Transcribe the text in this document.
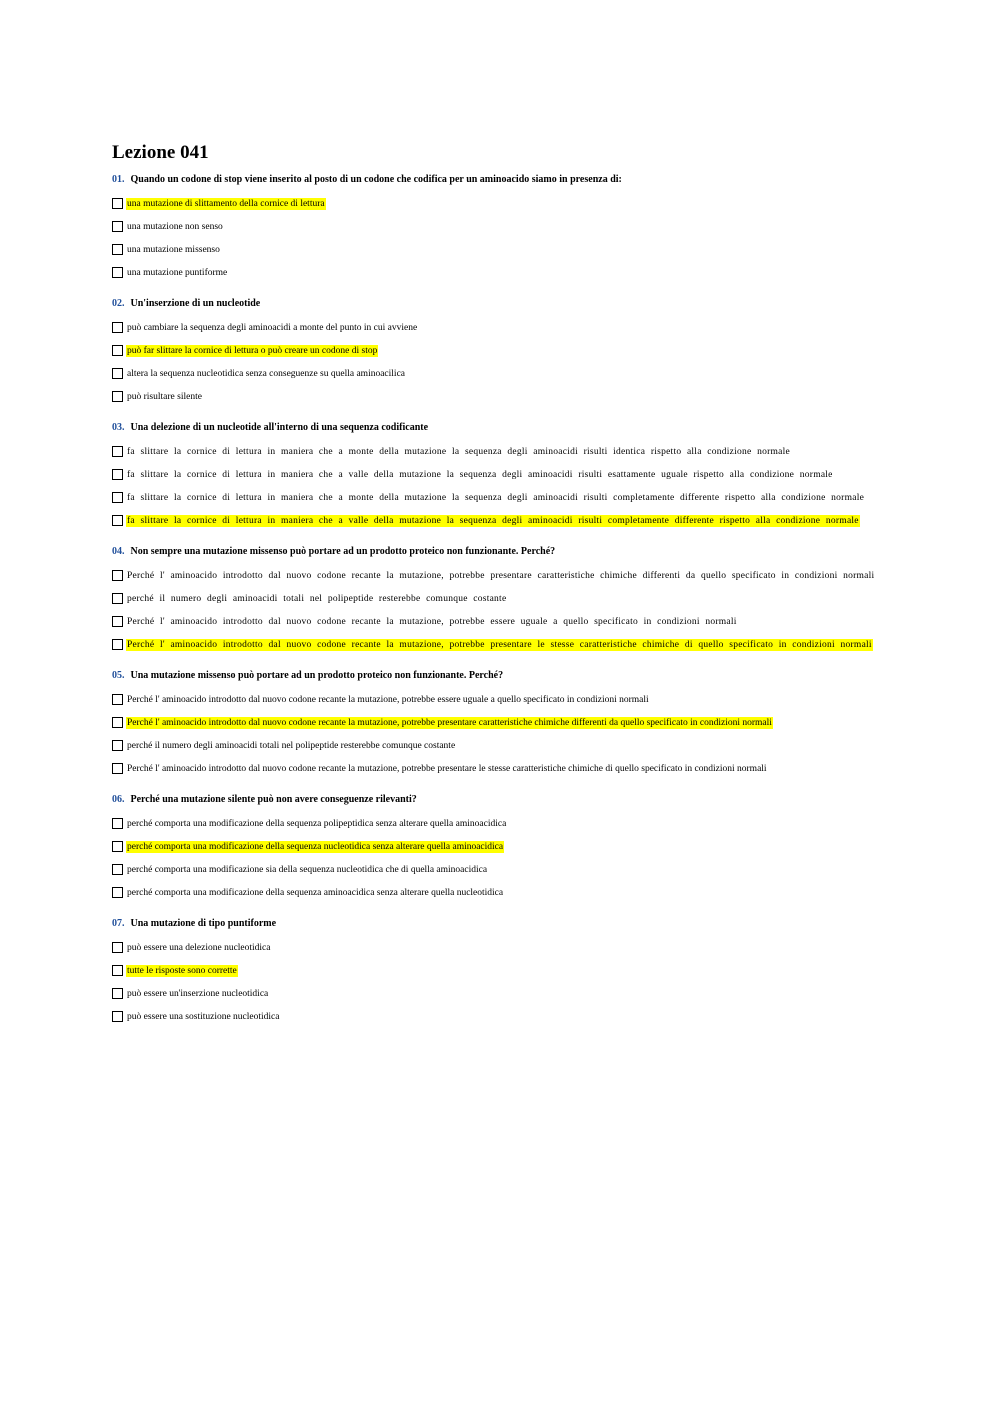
Lezione 041
01. Quando un codone di stop viene inserito al posto di un codone che codifica per un aminoacido siamo in presenza di:
una mutazione di slittamento della cornice di lettura
una mutazione non senso
una mutazione missenso
una mutazione puntiforme
02. Un'inserzione di un nucleotide
può cambiare la sequenza degli aminoacidi a monte del punto in cui avviene
può far slittare la cornice di lettura o può creare un codone di stop
altera la sequenza nucleotidica senza conseguenze su quella aminoacilica
può risultare silente
03. Una delezione di un nucleotide all'interno di una sequenza codificante
fa slittare la cornice di lettura in maniera che a monte della mutazione la sequenza degli aminoacidi risulti identica rispetto alla condizione normale
fa slittare la cornice di lettura in maniera che a valle della mutazione la sequenza degli aminoacidi risulti esattamente uguale rispetto alla condizione normale
fa slittare la cornice di lettura in maniera che a monte della mutazione la sequenza degli aminoacidi risulti completamente differente rispetto alla condizione normale
fa slittare la cornice di lettura in maniera che a valle della mutazione la sequenza degli aminoacidi risulti completamente differente rispetto alla condizione normale
04. Non sempre una mutazione missenso può portare ad un prodotto proteico non funzionante. Perché?
Perché l' aminoacido introdotto dal nuovo codone recante la mutazione, potrebbe presentare caratteristiche chimiche differenti da quello specificato in condizioni normali
perché il numero degli aminoacidi totali nel polipeptide resterebbe comunque costante
Perché l' aminoacido introdotto dal nuovo codone recante la mutazione, potrebbe essere uguale a quello specificato in condizioni normali
Perché l' aminoacido introdotto dal nuovo codone recante la mutazione, potrebbe presentare le stesse caratteristiche chimiche di quello specificato in condizioni normali
05. Una mutazione missenso può portare ad un prodotto proteico non funzionante. Perché?
Perché l' aminoacido introdotto dal nuovo codone recante la mutazione, potrebbe essere uguale a quello specificato in condizioni normali
Perché l' aminoacido introdotto dal nuovo codone recante la mutazione, potrebbe presentare caratteristiche chimiche differenti da quello specificato in condizioni normali
perché il numero degli aminoacidi totali nel polipeptide resterebbe comunque costante
Perché l' aminoacido introdotto dal nuovo codone recante la mutazione, potrebbe presentare le stesse caratteristiche chimiche di quello specificato in condizioni normali
06. Perché una mutazione silente può non avere conseguenze rilevanti?
perché comporta una modificazione della sequenza polipeptidica senza alterare quella aminoacidica
perché comporta una modificazione della sequenza nucleotidica senza alterare quella aminoacidica
perché comporta una modificazione sia della sequenza nucleotidica che di quella aminoacidica
perché comporta una modificazione della sequenza aminoacidica senza alterare quella nucleotidica
07. Una mutazione di tipo puntiforme
può essere una delezione nucleotidica
tutte le risposte sono corrette
può essere un'inserzione nucleotidica
può essere una sostituzione nucleotidica
